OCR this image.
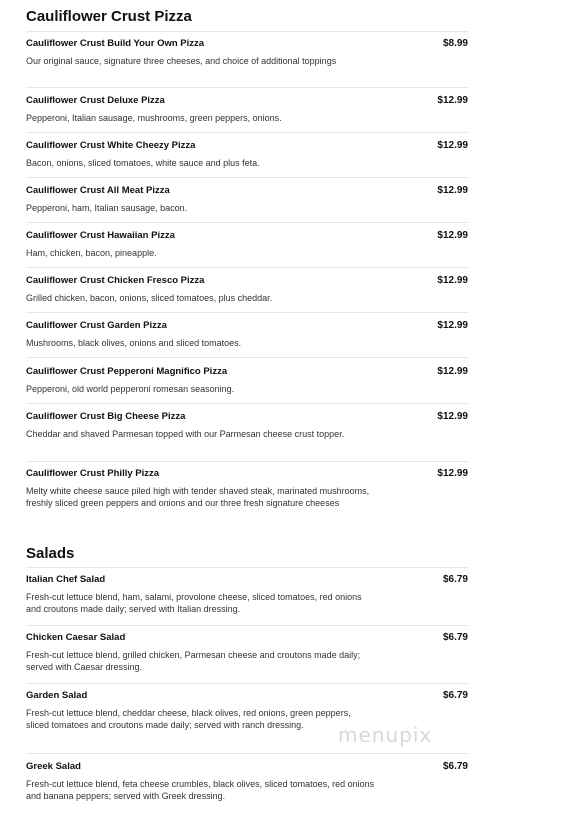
Cauliflower Crust Pizza
Cauliflower Crust Build Your Own Pizza	$8.99
Our original sauce, signature three cheeses, and choice of additional toppings
Cauliflower Crust Deluxe Pizza	$12.99
Pepperoni, Italian sausage, mushrooms, green peppers, onions.
Cauliflower Crust White Cheezy Pizza	$12.99
Bacon, onions, sliced tomatoes, white sauce and plus feta.
Cauliflower Crust All Meat Pizza	$12.99
Pepperoni, ham, Italian sausage, bacon.
Cauliflower Crust Hawaiian Pizza	$12.99
Ham, chicken, bacon, pineapple.
Cauliflower Crust Chicken Fresco Pizza	$12.99
Grilled chicken, bacon, onions, sliced tomatoes, plus cheddar.
Cauliflower Crust Garden Pizza	$12.99
Mushrooms, black olives, onions and sliced tomatoes.
Cauliflower Crust Pepperoni Magnifico Pizza	$12.99
Pepperoni, old world pepperoni romesan seasoning.
Cauliflower Crust Big Cheese Pizza	$12.99
Cheddar and shaved Parmesan topped with our Parmesan cheese crust topper.
Cauliflower Crust Philly Pizza	$12.99
Melty white cheese sauce piled high with tender shaved steak, marinated mushrooms, freshly sliced green peppers and onions and our three fresh signature cheeses
Salads
Italian Chef Salad	$6.79
Fresh-cut lettuce blend, ham, salami, provolone cheese, sliced tomatoes, red onions and croutons made daily; served with Italian dressing.
Chicken Caesar Salad	$6.79
Fresh-cut lettuce blend, grilled chicken, Parmesan cheese and croutons made daily; served with Caesar dressing.
Garden Salad	$6.79
Fresh-cut lettuce blend, cheddar cheese, black olives, red onions, green peppers, sliced tomatoes and croutons made daily; served with ranch dressing.
Greek Salad	$6.79
Fresh-cut lettuce blend, feta cheese crumbles, black olives, sliced tomatoes, red onions and banana peppers; served with Greek dressing.
menupix
